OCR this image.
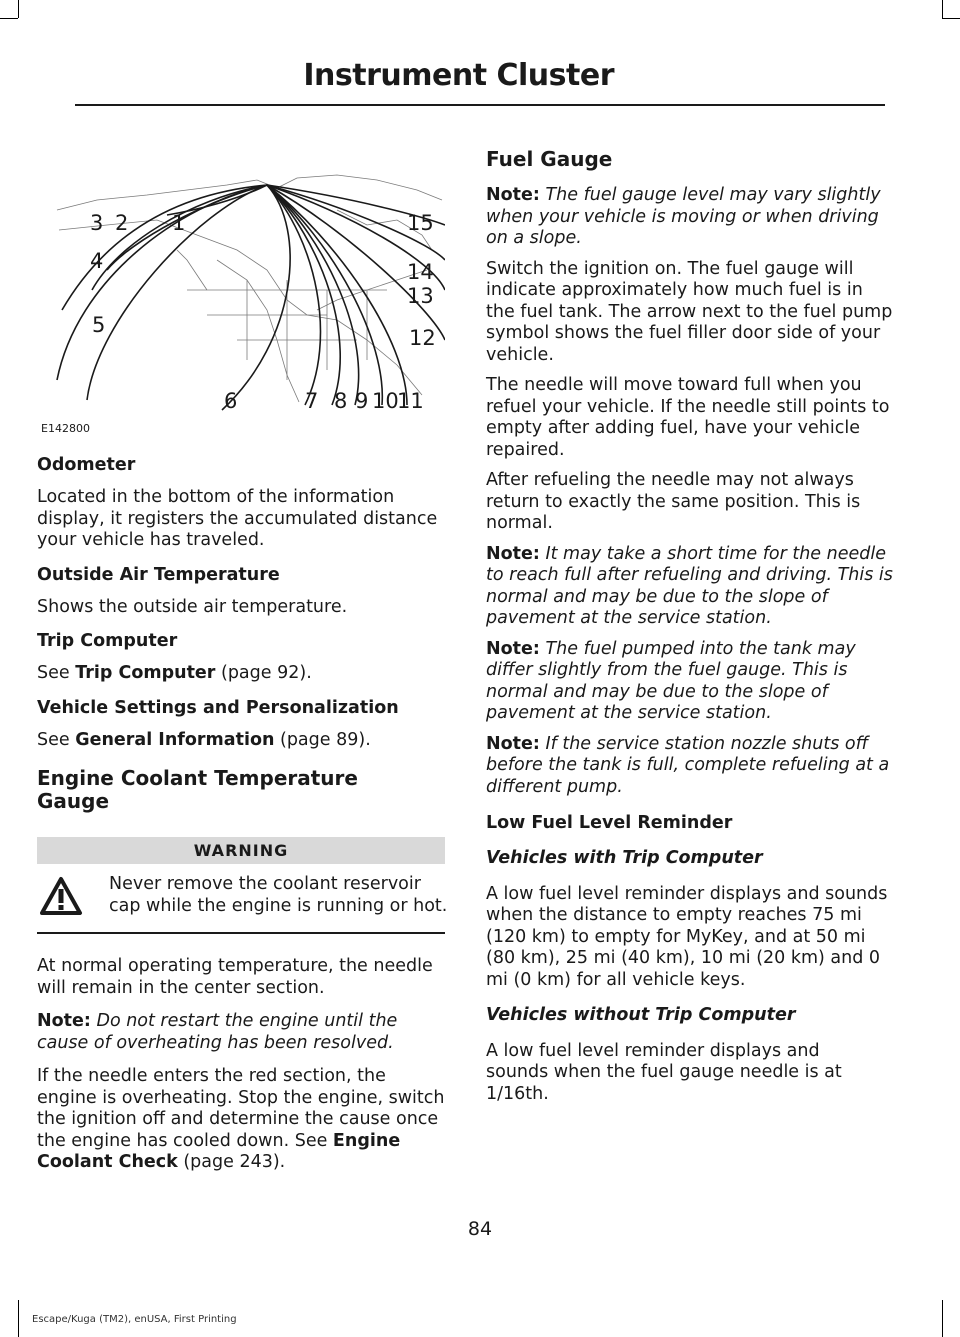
Instrument Cluster
1
2
3
4
5
6	7 8 9 10
11
12
13
14
15
E142800

Odometer

Located in the bottom of the information display, it registers the accumulated distance your vehicle has traveled.

Outside Air Temperature

Shows the outside air temperature.

Trip Computer

See Trip Computer (page 92).

Vehicle Settings and Personalization

See General Information (page 89).

Engine Coolant Temperature Gauge

WARNING
Never remove the coolant reservoir cap while the engine is running or hot.

At normal operating temperature, the needle will remain in the center section.

Note: Do not restart the engine until the cause of overheating has been resolved.

If the needle enters the red section, the engine is overheating. Stop the engine, switch the ignition off and determine the cause once the engine has cooled down. See Engine Coolant Check (page 243).

Fuel Gauge

Note: The fuel gauge level may vary slightly when your vehicle is moving or when driving on a slope.

Switch the ignition on. The fuel gauge will indicate approximately how much fuel is in the fuel tank. The arrow next to the fuel pump symbol shows the fuel filler door side of your vehicle.

The needle will move toward full when you refuel your vehicle. If the needle still points to empty after adding fuel, have your vehicle repaired.

After refueling the needle may not always return to exactly the same position. This is normal.

Note: It may take a short time for the needle to reach full after refueling and driving. This is normal and may be due to the slope of pavement at the service station.

Note: The fuel pumped into the tank may differ slightly from the fuel gauge. This is normal and may be due to the slope of pavement at the service station.

Note: If the service station nozzle shuts off before the tank is full, complete refueling at a different pump.

Low Fuel Level Reminder

Vehicles with Trip Computer

A low fuel level reminder displays and sounds when the distance to empty reaches 75 mi (120 km) to empty for MyKey, and at 50 mi (80 km), 25 mi (40 km), 10 mi (20 km) and 0 mi (0 km) for all vehicle keys.

Vehicles without Trip Computer

A low fuel level reminder displays and sounds when the fuel gauge needle is at 1/16th.

84
Escape/Kuga (TM2), enUSA, First Printing
